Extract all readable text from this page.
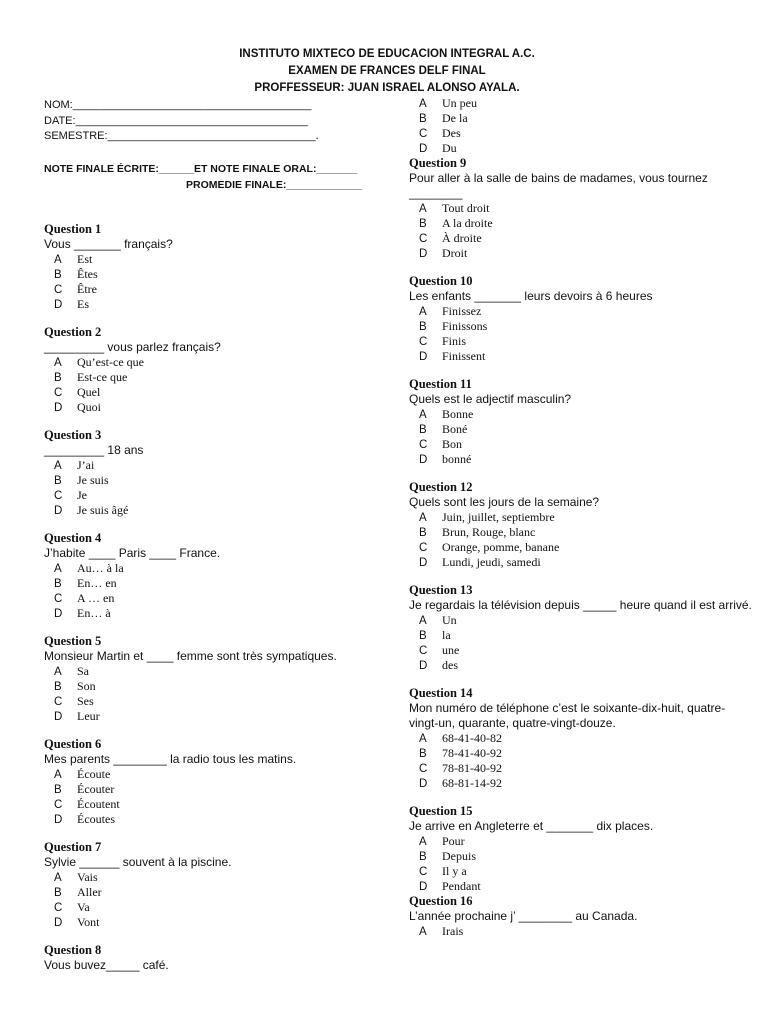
INSTITUTO MIXTECO DE EDUCACION INTEGRAL A.C.
EXAMEN DE FRANCES DELF FINAL
PROFFESSEUR: JUAN ISRAEL ALONSO AYALA.
NOM:_______________________________________
DATE:______________________________________
SEMESTRE:__________________________________.
NOTE FINALE ÉCRITE:______ET NOTE FINALE ORAL:_______
PROMEDIE FINALE:_____________
Question 1
Vous _______ français?
A	Est
B	Êtes
C	Être
D	Es
Question 2
_________ vous parlez français?
A	Qu’est-ce que
B	Est-ce que
C	Quel
D	Quoi
Question 3
_________ 18 ans
A	J’ai
B	Je suis
C	Je
D	Je suis âgé
Question 4
J’habite ____ Paris ____ France.
A	Au… à la
B	En… en
C	A … en
D	En… à
Question 5
Monsieur Martin et ____ femme sont très sympatiques.
A	Sa
B	Son
C	Ses
D	Leur
Question 6
Mes parents ________ la radio tous les matins.
A	Écoute
B	Écouter
C	Écoutent
D	Écoutes
Question 7
Sylvie ______ souvent à la piscine.
A	Vais
B	Aller
C	Va
D	Vont
Question 8
Vous buvez_____ café.
A	Un peu
B	De la
C	Des
D	Du
Question 9
Pour aller à la salle de bains de madames, vous tournez ________
A	Tout droit
B	A la droite
C	À droite
D	Droit
Question 10
Les enfants _______ leurs devoirs à 6 heures
A	Finissez
B	Finissons
C	Finis
D	Finissent
Question 11
Quels est le adjectif masculin?
A	Bonne
B	Boné
C	Bon
D	bonné
Question 12
Quels sont les jours de la semaine?
A	Juin, juillet, septiembre
B	Brun, Rouge, blanc
C	Orange, pomme, banane
D	Lundi, jeudi, samedi
Question 13
Je regardais la télévision depuis _____ heure quand il est arrivé.
A	Un
B	la
C	une
D	des
Question 14
Mon numéro de téléphone c’est le soixante-dix-huit, quatre-vingt-un, quarante, quatre-vingt-douze.
A	68-41-40-82
B	78-41-40-92
C	78-81-40-92
D	68-81-14-92
Question 15
Je arrive en Angleterre et _______ dix places.
A	Pour
B	Depuis
C	Il y a
D	Pendant
Question 16
L’année prochaine j’ ________ au Canada.
A	Irais
